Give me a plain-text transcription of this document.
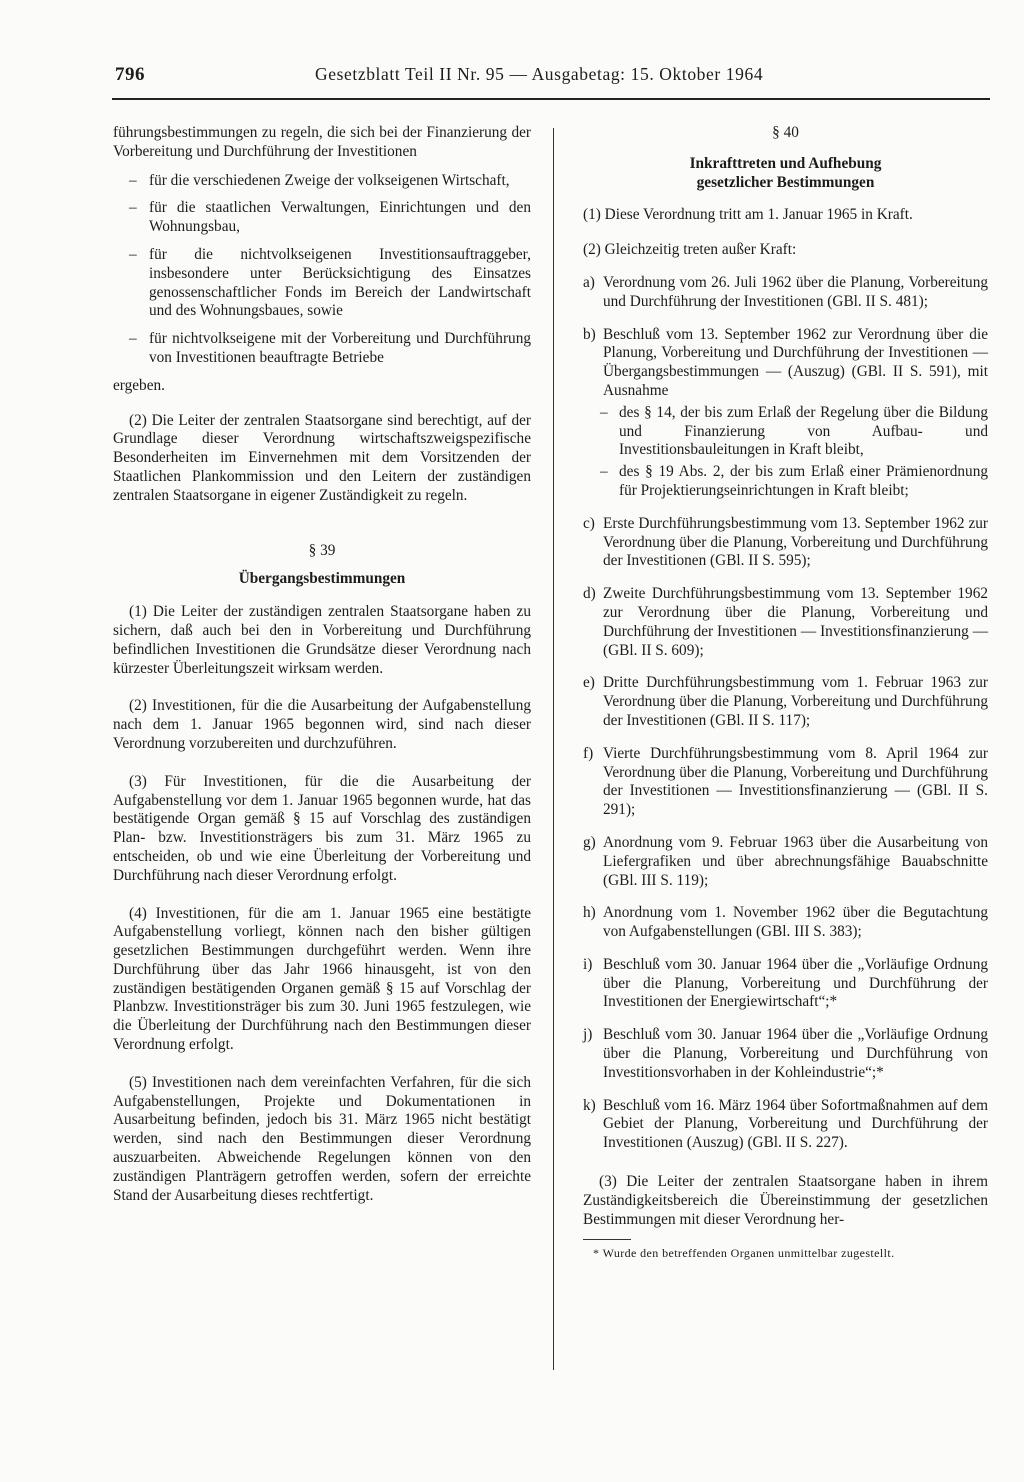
796	Gesetzblatt Teil II Nr. 95 — Ausgabetag: 15. Oktober 1964

führungsbestimmungen zu regeln, die sich bei der Finanzierung der Vorbereitung und Durchführung der Investitionen

– für die verschiedenen Zweige der volkseigenen Wirtschaft,
– für die staatlichen Verwaltungen, Einrichtungen und den Wohnungsbau,
– für die nichtvolkseigenen Investitionsauftraggeber, insbesondere unter Berücksichtigung des Einsatzes genossenschaftlicher Fonds im Bereich der Landwirtschaft und des Wohnungsbaues, sowie
– für nichtvolkseigene mit der Vorbereitung und Durchführung von Investitionen beauftragte Betriebe

ergeben.

(2) Die Leiter der zentralen Staatsorgane sind berechtigt, auf der Grundlage dieser Verordnung wirtschaftszweigspezifische Besonderheiten im Einvernehmen mit dem Vorsitzenden der Staatlichen Plankommission und den Leitern der zuständigen zentralen Staatsorgane in eigener Zuständigkeit zu regeln.

§ 39

Übergangsbestimmungen

(1) Die Leiter der zuständigen zentralen Staatsorgane haben zu sichern, daß auch bei den in Vorbereitung und Durchführung befindlichen Investitionen die Grundsätze dieser Verordnung nach kürzester Überleitungszeit wirksam werden.

(2) Investitionen, für die die Ausarbeitung der Aufgabenstellung nach dem 1. Januar 1965 begonnen wird, sind nach dieser Verordnung vorzubereiten und durchzuführen.

(3) Für Investitionen, für die die Ausarbeitung der Aufgabenstellung vor dem 1. Januar 1965 begonnen wurde, hat das bestätigende Organ gemäß § 15 auf Vorschlag des zuständigen Plan- bzw. Investitionsträgers bis zum 31. März 1965 zu entscheiden, ob und wie eine Überleitung der Vorbereitung und Durchführung nach dieser Verordnung erfolgt.

(4) Investitionen, für die am 1. Januar 1965 eine bestätigte Aufgabenstellung vorliegt, können nach den bisher gültigen gesetzlichen Bestimmungen durchgeführt werden. Wenn ihre Durchführung über das Jahr 1966 hinausgeht, ist von den zuständigen bestätigenden Organen gemäß § 15 auf Vorschlag der Planbzw. Investitionsträger bis zum 30. Juni 1965 festzulegen, wie die Überleitung der Durchführung nach den Bestimmungen dieser Verordnung erfolgt.

(5) Investitionen nach dem vereinfachten Verfahren, für die sich Aufgabenstellungen, Projekte und Dokumentationen in Ausarbeitung befinden, jedoch bis 31. März 1965 nicht bestätigt werden, sind nach den Bestimmungen dieser Verordnung auszuarbeiten. Abweichende Regelungen können von den zuständigen Planträgern getroffen werden, sofern der erreichte Stand der Ausarbeitung dieses rechtfertigt.

§ 40

Inkrafttreten und Aufhebung

gesetzlicher Bestimmungen

(1) Diese Verordnung tritt am 1. Januar 1965 in Kraft.

(2) Gleichzeitig treten außer Kraft:

a) Verordnung vom 26. Juli 1962 über die Planung, Vorbereitung und Durchführung der Investitionen (GBl. II S. 481);
b) Beschluß vom 13. September 1962 zur Verordnung über die Planung, Vorbereitung und Durchführung der Investitionen — Übergangsbestimmungen — (Auszug) (GBl. II S. 591), mit Ausnahme
– des § 14, der bis zum Erlaß der Regelung über die Bildung und Finanzierung von Aufbau- und Investitionsbauleitungen in Kraft bleibt,
– des § 19 Abs. 2, der bis zum Erlaß einer Prämienordnung für Projektierungseinrichtungen in Kraft bleibt;
c) Erste Durchführungsbestimmung vom 13. September 1962 zur Verordnung über die Planung, Vorbereitung und Durchführung der Investitionen (GBl. II S. 595);
d) Zweite Durchführungsbestimmung vom 13. September 1962 zur Verordnung über die Planung, Vorbereitung und Durchführung der Investitionen — Investitionsfinanzierung — (GBl. II S. 609);
e) Dritte Durchführungsbestimmung vom 1. Februar 1963 zur Verordnung über die Planung, Vorbereitung und Durchführung der Investitionen (GBl. II S. 117);
f) Vierte Durchführungsbestimmung vom 8. April 1964 zur Verordnung über die Planung, Vorbereitung und Durchführung der Investitionen — Investitionsfinanzierung — (GBl. II S. 291);
g) Anordnung vom 9. Februar 1963 über die Ausarbeitung von Liefergrafiken und über abrechnungsfähige Bauabschnitte (GBl. III S. 119);
h) Anordnung vom 1. November 1962 über die Begutachtung von Aufgabenstellungen (GBl. III S. 383);
i) Beschluß vom 30. Januar 1964 über die „Vorläufige Ordnung über die Planung, Vorbereitung und Durchführung der Investitionen der Energiewirtschaft“;*
j) Beschluß vom 30. Januar 1964 über die „Vorläufige Ordnung über die Planung, Vorbereitung und Durchführung von Investitionsvorhaben in der Kohleindustrie“;*
k) Beschluß vom 16. März 1964 über Sofortmaßnahmen auf dem Gebiet der Planung, Vorbereitung und Durchführung der Investitionen (Auszug) (GBl. II S. 227).

(3) Die Leiter der zentralen Staatsorgane haben in ihrem Zuständigkeitsbereich die Übereinstimmung der gesetzlichen Bestimmungen mit dieser Verordnung her-

* Wurde den betreffenden Organen unmittelbar zugestellt.
